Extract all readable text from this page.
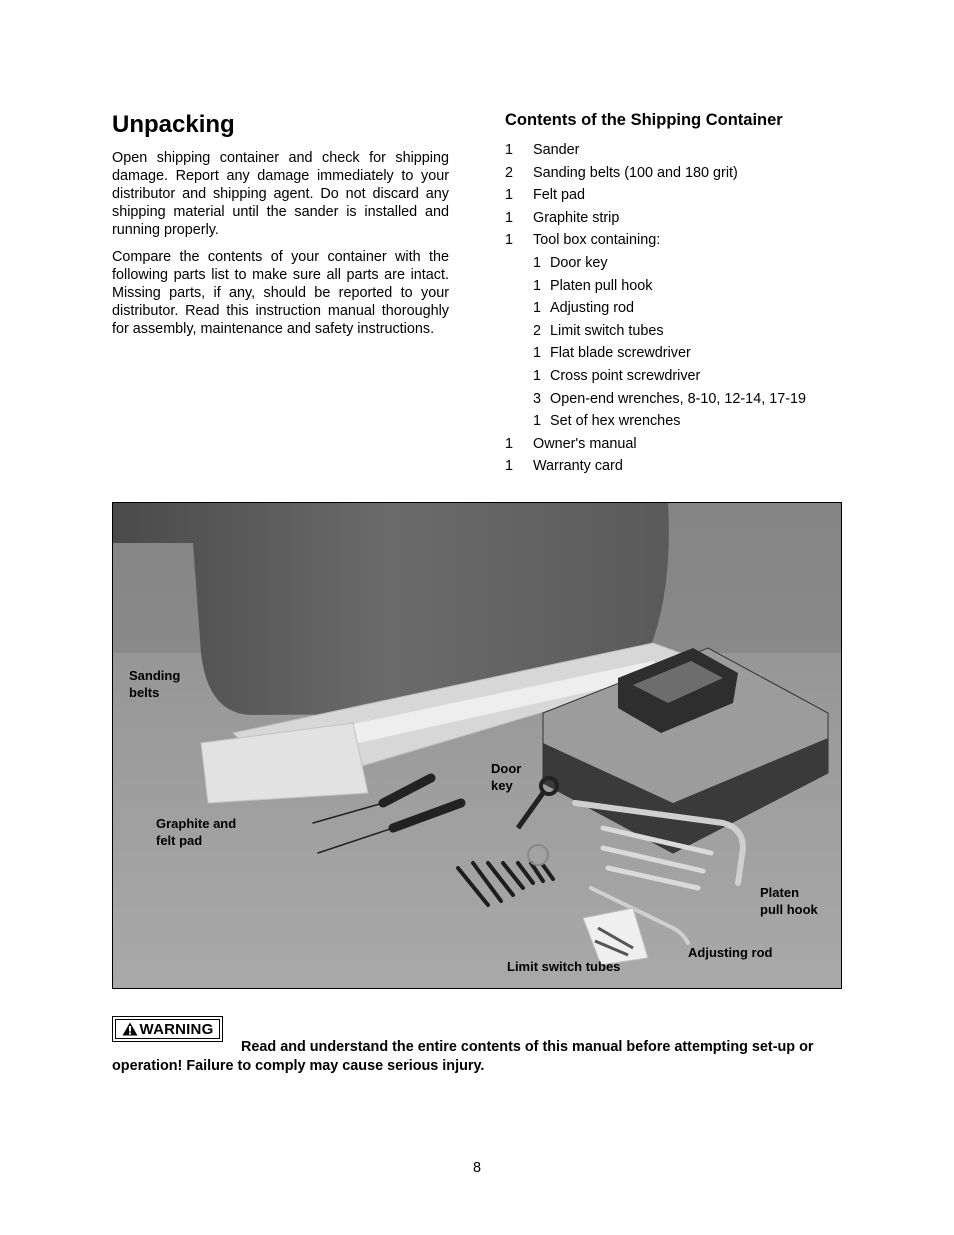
Unpacking

Open shipping container and check for shipping damage. Report any damage immediately to your distributor and shipping agent. Do not discard any shipping material until the sander is installed and running properly.

Compare the contents of your container with the following parts list to make sure all parts are intact. Missing parts, if any, should be reported to your distributor. Read this instruction manual thoroughly for assembly, maintenance and safety instructions.

Contents of the Shipping Container
1 Sander
2 Sanding belts (100 and 180 grit)
1 Felt pad
1 Graphite strip
1 Tool box containing:
1 Door key
1 Platen pull hook
1 Adjusting rod
2 Limit switch tubes
1 Flat blade screwdriver
1 Cross point screwdriver
3 Open-end wrenches, 8-10, 12-14, 17-19
1 Set of hex wrenches
1 Owner's manual
1 Warranty card
Sanding
belts
Graphite and
felt pad
Door
key
Platen
pull hook
Adjusting rod
Limit switch tubes
WARNING

Read and understand the entire contents of this manual before attempting set-up or operation! Failure to comply may cause serious injury.

8
